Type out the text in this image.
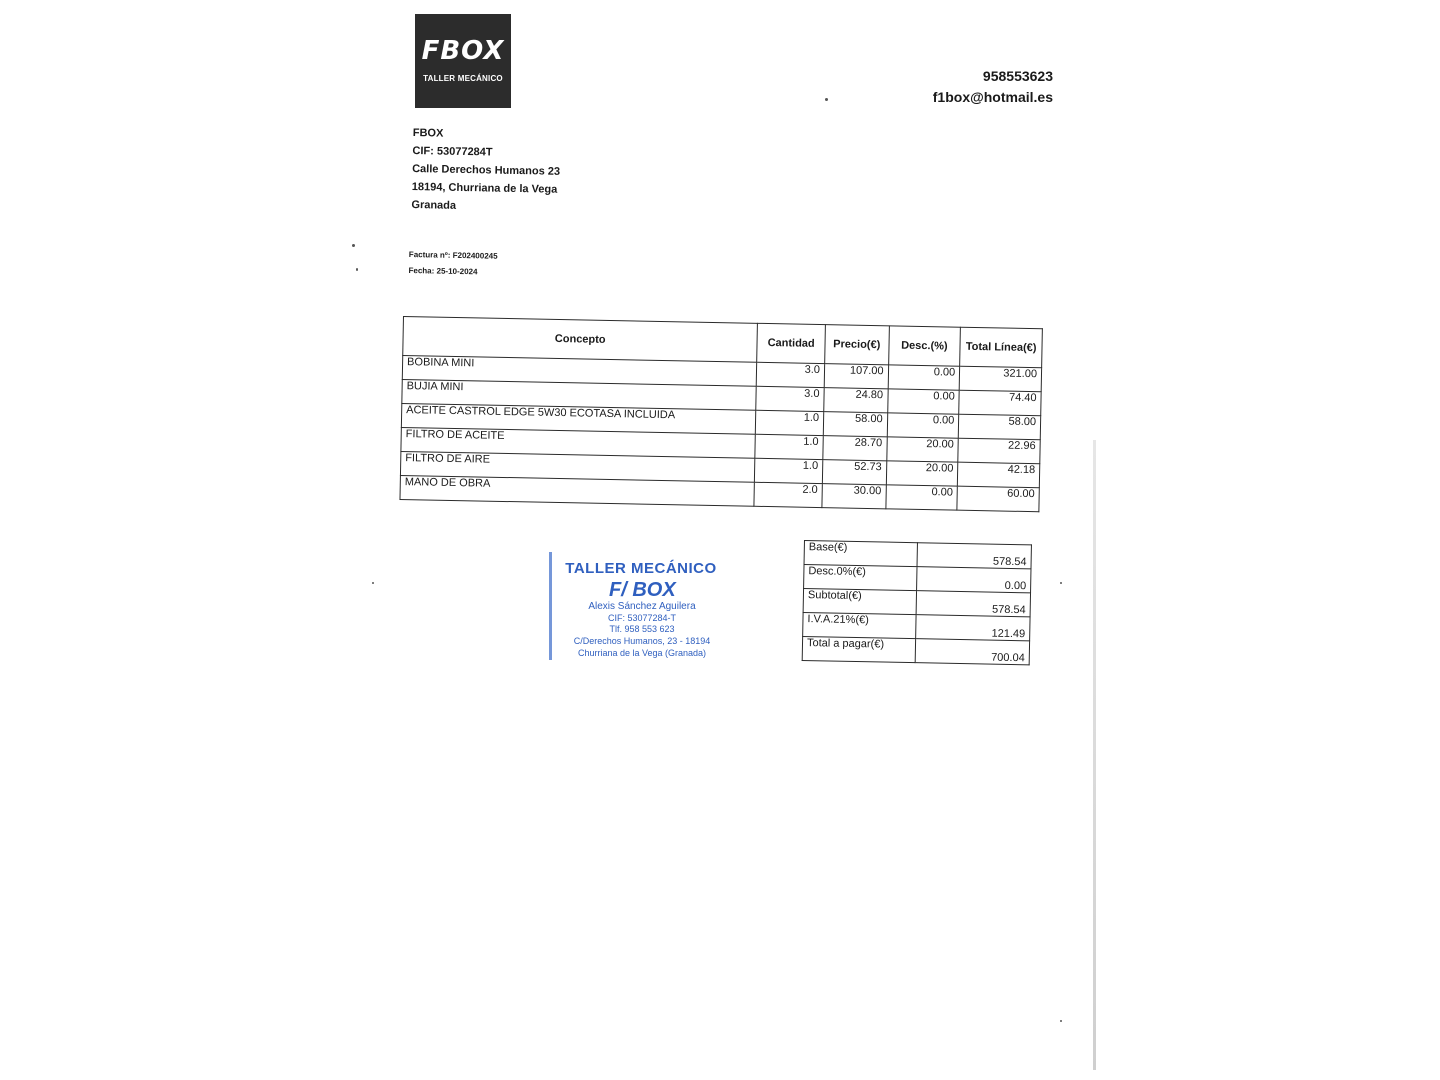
FBOX
TALLER MECÁNICO	958553623
f1box@hotmail.es
FBOX
CIF: 53077284T
Calle Derechos Humanos 23
18194, Churriana de la Vega
Granada
Factura nº: F202400245
Fecha: 25-10-2024
Concepto	Cantidad	Precio(€)	Desc.(%)	Total Línea(€)
BOBINA MINI	3.0	107.00	0.00	321.00
BUJIA MINI	3.0	24.80	0.00	74.40
ACEITE CASTROL EDGE 5W30 ECOTASA INCLUIDA	1.0	58.00	0.00	58.00
FILTRO DE ACEITE	1.0	28.70	20.00	22.96
FILTRO DE AIRE	1.0	52.73	20.00	42.18
MANO DE OBRA	2.0	30.00	0.00	60.00
TALLER MECÁNICO
F/ BOX
Alexis Sánchez Aguilera
CIF: 53077284-T
Tlf. 958 553 623
C/Derechos Humanos, 23 - 18194
Churriana de la Vega (Granada)
Base(€)	578.54
Desc.0%(€)	0.00
Subtotal(€)	578.54
I.V.A.21%(€)	121.49
Total a pagar(€)	700.04
